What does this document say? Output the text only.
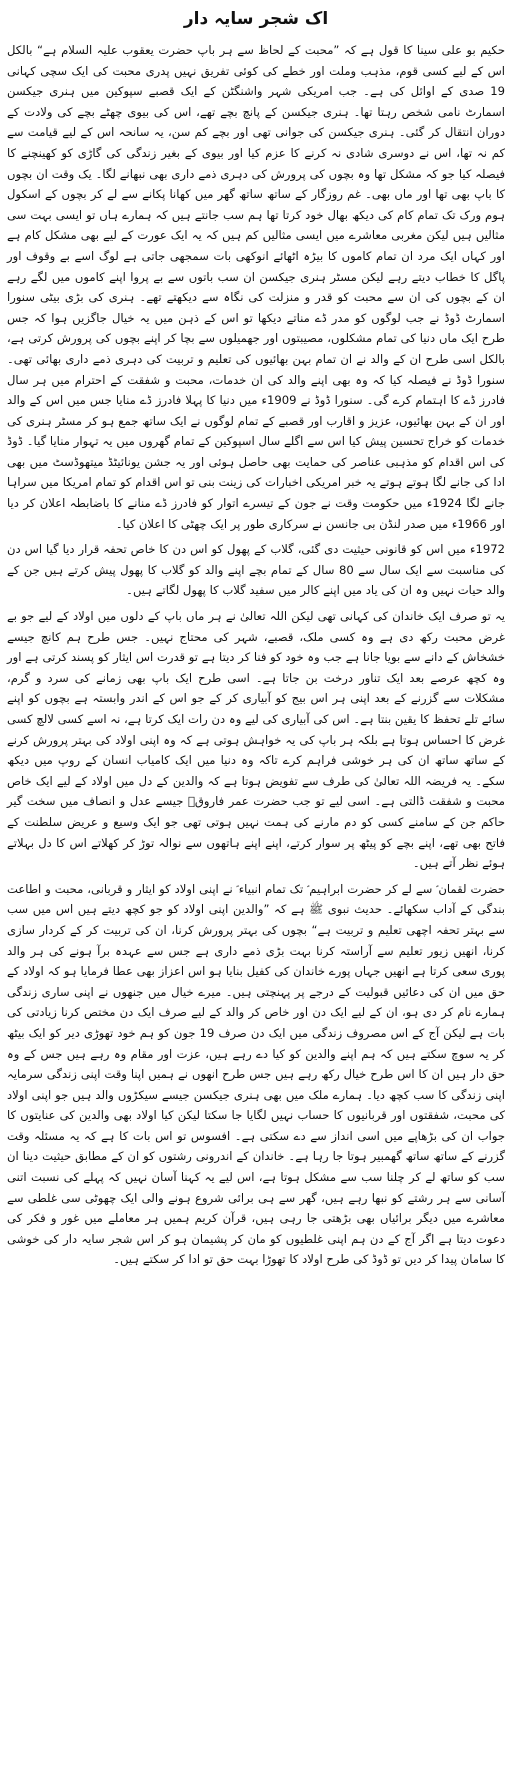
اک شجر سایہ دار

حکیم بو علی سینا کا قول ہے کہ ”محبت کے لحاظ سے ہر باپ حضرت یعقوب علیہ السلام ہے“ بالکل اس کے لیے کسی قوم، مذہب وملت اور خطے کی کوئی تفریق نہیں پدری محبت کی ایک سچی کہانی 19 صدی کے اوائل کی ہے۔ جب امریکی شہر واشنگٹن کے ایک قصبے سپوکین میں ہنری جیکسن اسمارٹ نامی شخص رہتا تھا۔ ہنری جیکسن کے پانچ بچے تھے، اس کی بیوی چھٹے بچے کی ولادت کے دوران انتقال کر گئی۔ ہنری جیکسن کی جوانی تھی اور بچے کم سن، یہ سانحہ اس کے لیے قیامت سے کم نہ تھا، اس نے دوسری شادی نہ کرنے کا عزم کیا اور بیوی کے بغیر زندگی کی گاڑی کو کھینچنے کا فیصلہ کیا جو کہ مشکل تھا وہ بچوں کی پرورش کی دہری ذمے داری بھی نبھانے لگا۔ یک وقت ان بچوں کا باپ بھی تھا اور ماں بھی۔ غم روزگار کے ساتھ ساتھ گھر میں کھانا پکانے سے لے کر بچوں کے اسکول ہوم ورک تک تمام کام کی دیکھ بھال خود کرتا تھا ہم سب جانتے ہیں کہ ہمارے ہاں تو ایسی بہت سی مثالیں ہیں لیکن مغربی معاشرے میں ایسی مثالیں کم ہیں کہ یہ ایک عورت کے لیے بھی مشکل کام ہے اور کہاں ایک مرد ان تمام کاموں کا بیڑہ اٹھائے انوکھی بات سمجھی جاتی ہے لوگ اسے بے وقوف اور پاگل کا خطاب دیتے رہے لیکن مسٹر ہنری جیکسن ان سب باتوں سے بے پروا اپنے کاموں میں لگے رہے ان کے بچوں کی ان سے محبت کو قدر و منزلت کی نگاہ سے دیکھتے تھے۔ ہنری کی بڑی بیٹی سنورا اسمارٹ ڈوڈ نے جب لوگوں کو مدر ڈے مناتے دیکھا تو اس کے ذہن میں یہ خیال جاگزیں ہوا کہ جس طرح ایک ماں دنیا کی تمام مشکلوں، مصیبتوں اور جھمیلوں سے بچا کر اپنے بچوں کی پرورش کرتی ہے، بالکل اسی طرح ان کے والد نے ان تمام بہن بھائیوں کی تعلیم و تربیت کی دہری ذمے داری بھائی تھی۔ سنورا ڈوڈ نے فیصلہ کیا کہ وہ بھی اپنے والد کی ان خدمات، محبت و شفقت کے احترام میں ہر سال فادرز ڈے کا اہتمام کرے گی۔ سنورا ڈوڈ نے 1909ء میں دنیا کا پہلا فادرز ڈے منایا جس میں اس کے والد اور ان کے بہن بھائیوں، عزیز و اقارب اور قصبے کے تمام لوگوں نے ایک ساتھ جمع ہو کر مسٹر ہنری کی خدمات کو خراج تحسین پیش کیا اس سے اگلے سال اسپوکین کے تمام گھروں میں یہ تہوار منایا گیا۔ ڈوڈ کی اس اقدام کو مذہبی عناصر کی حمایت بھی حاصل ہوئی اور یہ جشن یونائیٹڈ میتھوڈسٹ میں بھی ادا کی جانے لگا ہوتے ہوتے یہ خبر امریکی اخبارات کی زینت بنی تو اس اقدام کو تمام امریکا میں سراہا جانے لگا 1924ء میں حکومت وقت نے جون کے تیسرے اتوار کو فادرز ڈے منانے کا باضابطہ اعلان کر دیا اور 1966ء میں صدر لنڈن بی جانسن نے سرکاری طور پر ایک چھٹی کا اعلان کیا۔

1972ء میں اس کو قانونی حیثیت دی گئی، گلاب کے پھول کو اس دن کا خاص تحفہ قرار دیا گیا اس دن کی مناسبت سے ایک سال سے 80 سال کے تمام بچے اپنے والد کو گلاب کا پھول پیش کرتے ہیں جن کے والد حیات نہیں وہ ان کی یاد میں اپنے کالر میں سفید گلاب کا پھول لگاتے ہیں۔

یہ تو صرف ایک خاندان کی کہانی تھی لیکن اللہ تعالیٰ نے ہر ماں باپ کے دلوں میں اولاد کے لیے جو بے غرض محبت رکھ دی ہے وہ کسی ملک، قصبے، شہر کی محتاج نہیں۔ جس طرح ہم کانچ جیسے خشخاش کے دانے سے بویا جانا ہے جب وہ خود کو فنا کر دیتا ہے تو قدرت اس ایثار کو پسند کرتی ہے اور وہ کچھ عرصے بعد ایک تناور درخت بن جاتا ہے۔ اسی طرح ایک باپ بھی زمانے کی سرد و گرم، مشکلات سے گزرنے کے بعد اپنی ہر اس بیج کو آبیاری کر کے جو اس کے اندر وابستہ ہے بچوں کو اپنے سائے تلے تحفظ کا یقین بنتا ہے۔ اس کی آبیاری کی لیے وہ دن رات ایک کرتا ہے، نہ اسے کسی لالچ کسی غرض کا احساس ہوتا ہے بلکہ ہر باپ کی یہ خواہش ہوتی ہے کہ وہ اپنی اولاد کی بہتر پرورش کرنے کے ساتھ ساتھ ان کی ہر خوشی فراہم کرے تاکہ وہ دنیا میں ایک کامیاب انسان کے روپ میں دیکھ سکے۔ یہ فریضہ اللہ تعالیٰ کی طرف سے تفویض ہوتا ہے کہ والدین کے دل میں اولاد کے لیے ایک خاص محبت و شفقت ڈالتی ہے۔ اسی لیے تو جب حضرت عمر فاروقؓ جیسے عدل و انصاف میں سخت گیر حاکم جن کے سامنے کسی کو دم مارنے کی ہمت نہیں ہوتی تھی جو ایک وسیع و عریض سلطنت کے فاتح بھی تھے، اپنے بچے کو پیٹھ پر سوار کرتے، اپنے اپنے ہاتھوں سے نوالہ توڑ کر کھلاتے اس کا دل بہلاتے ہوئے نظر آتے ہیں۔

حضرت لقمان ؑ سے لے کر حضرت ابراہیم ؑ تک تمام انبیاء ؑ نے اپنی اولاد کو ایثار و قربانی، محبت و اطاعت بندگی کے آداب سکھائے۔ حدیث نبوی ﷺ ہے کہ ”والدین اپنی اولاد کو جو کچھ دیتے ہیں اس میں سب سے بہتر تحفہ اچھی تعلیم و تربیت ہے“ بچوں کی بہتر پرورش کرنا، ان کی تربیت کر کے کردار سازی کرنا، انھیں زیور تعلیم سے آراستہ کرنا بہت بڑی ذمے داری ہے جس سے عہدہ برآ ہونے کی ہر والد پوری سعی کرتا ہے انھیں جہاں پورے خاندان کی کفیل بنایا ہو اس اعزاز بھی عطا فرمایا ہو کہ اولاد کے حق میں ان کی دعائیں قبولیت کے درجے پر پہنچتی ہیں۔ میرے خیال میں جنھوں نے اپنی ساری زندگی ہمارے نام کر دی ہو، ان کے لیے ایک دن اور خاص کر والد کے لیے صرف ایک دن مختص کرنا زیادتی کی بات ہے لیکن آج کے اس مصروف زندگی میں ایک دن صرف 19 جون کو ہم خود تھوڑی دیر کو ایک بیٹھ کر یہ سوچ سکتے ہیں کہ ہم اپنے والدین کو کیا دے رہے ہیں، عزت اور مقام وہ رہے ہیں جس کے وہ حق دار ہیں ان کا اس طرح خیال رکھ رہے ہیں جس طرح انھوں نے ہمیں اپنا وقت اپنی زندگی سرمایہ اپنی زندگی کا سب کچھ دیا۔ ہمارے ملک میں بھی ہنری جیکسن جیسے سیکڑوں والد ہیں جو اپنی اولاد کی محبت، شفقتوں اور قربانیوں کا حساب نہیں لگایا جا سکتا لیکن کیا اولاد بھی والدین کی عنایتوں کا جواب ان کی بڑھاپے میں اسی انداز سے دے سکتی ہے۔ افسوس تو اس بات کا ہے کہ یہ مسئلہ وقت گزرنے کے ساتھ ساتھ گھمبیر ہوتا جا رہا ہے۔ خاندان کے اندرونی رشتوں کو ان کے مطابق حیثیت دینا ان سب کو ساتھ لے کر چلنا سب سے مشکل ہوتا ہے، اس لیے یہ کہنا آسان نہیں کہ پہلے کی نسبت اتنی آسانی سے ہر رشتے کو نبھا رہے ہیں، گھر سے ہی برائی شروع ہونے والی ایک چھوٹی سی غلطی سے معاشرے میں دیگر برائیاں بھی بڑھتی جا رہی ہیں، قرآن کریم ہمیں ہر معاملے میں غور و فکر کی دعوت دیتا ہے اگر آج کے دن ہم اپنی غلطیوں کو مان کر پشیمان ہو کر اس شجر سایہ دار کی خوشی کا سامان پیدا کر دیں تو ڈوڈ کی طرح اولاد کا تھوڑا بہت حق تو ادا کر سکتے ہیں۔
